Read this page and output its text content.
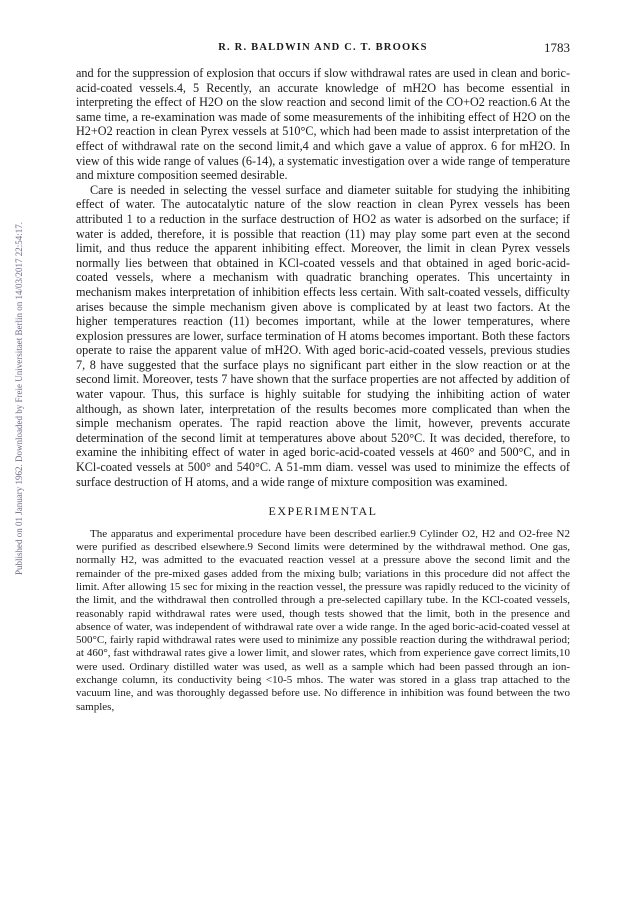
R. R. BALDWIN AND C. T. BROOKS	1783
Published on 01 January 1962. Downloaded by Freie Universitaet Berlin on 14/03/2017 22:54:17.

and for the suppression of explosion that occurs if slow withdrawal rates are used in clean and boric-acid-coated vessels.4, 5 Recently, an accurate knowledge of mH2O has become essential in interpreting the effect of H2O on the slow reaction and second limit of the CO+O2 reaction.6 At the same time, a re-examination was made of some measurements of the inhibiting effect of H2O on the H2+O2 reaction in clean Pyrex vessels at 510°C, which had been made to assist interpretation of the effect of withdrawal rate on the second limit,4 and which gave a value of approx. 6 for mH2O. In view of this wide range of values (6-14), a systematic investigation over a wide range of temperature and mixture composition seemed desirable.

Care is needed in selecting the vessel surface and diameter suitable for studying the inhibiting effect of water. The autocatalytic nature of the slow reaction in clean Pyrex vessels has been attributed 1 to a reduction in the surface destruction of HO2 as water is adsorbed on the surface; if water is added, therefore, it is possible that reaction (11) may play some part even at the second limit, and thus reduce the apparent inhibiting effect. Moreover, the limit in clean Pyrex vessels normally lies between that obtained in KCl-coated vessels and that obtained in aged boric-acid-coated vessels, where a mechanism with quadratic branching operates. This uncertainty in mechanism makes interpretation of inhibition effects less certain. With salt-coated vessels, difficulty arises because the simple mechanism given above is complicated by at least two factors. At the higher temperatures reaction (11) becomes important, while at the lower temperatures, where explosion pressures are lower, surface termination of H atoms becomes important. Both these factors operate to raise the apparent value of mH2O. With aged boric-acid-coated vessels, previous studies 7, 8 have suggested that the surface plays no significant part either in the slow reaction or at the second limit. Moreover, tests 7 have shown that the surface properties are not affected by addition of water vapour. Thus, this surface is highly suitable for studying the inhibiting action of water although, as shown later, interpretation of the results becomes more complicated than when the simple mechanism operates. The rapid reaction above the limit, however, prevents accurate determination of the second limit at temperatures above about 520°C. It was decided, therefore, to examine the inhibiting effect of water in aged boric-acid-coated vessels at 460° and 500°C, and in KCl-coated vessels at 500° and 540°C. A 51-mm diam. vessel was used to minimize the effects of surface destruction of H atoms, and a wide range of mixture composition was examined.

EXPERIMENTAL

The apparatus and experimental procedure have been described earlier.9 Cylinder O2, H2 and O2-free N2 were purified as described elsewhere.9 Second limits were determined by the withdrawal method. One gas, normally H2, was admitted to the evacuated reaction vessel at a pressure above the second limit and the remainder of the pre-mixed gases added from the mixing bulb; variations in this procedure did not affect the limit. After allowing 15 sec for mixing in the reaction vessel, the pressure was rapidly reduced to the vicinity of the limit, and the withdrawal then controlled through a pre-selected capillary tube. In the KCl-coated vessels, reasonably rapid withdrawal rates were used, though tests showed that the limit, both in the presence and absence of water, was independent of withdrawal rate over a wide range. In the aged boric-acid-coated vessel at 500°C, fairly rapid withdrawal rates were used to minimize any possible reaction during the withdrawal period; at 460°, fast withdrawal rates give a lower limit, and slower rates, which from experience gave correct limits,10 were used. Ordinary distilled water was used, as well as a sample which had been passed through an ion-exchange column, its conductivity being <10-5 mhos. The water was stored in a glass trap attached to the vacuum line, and was thoroughly degassed before use. No difference in inhibition was found between the two samples,
